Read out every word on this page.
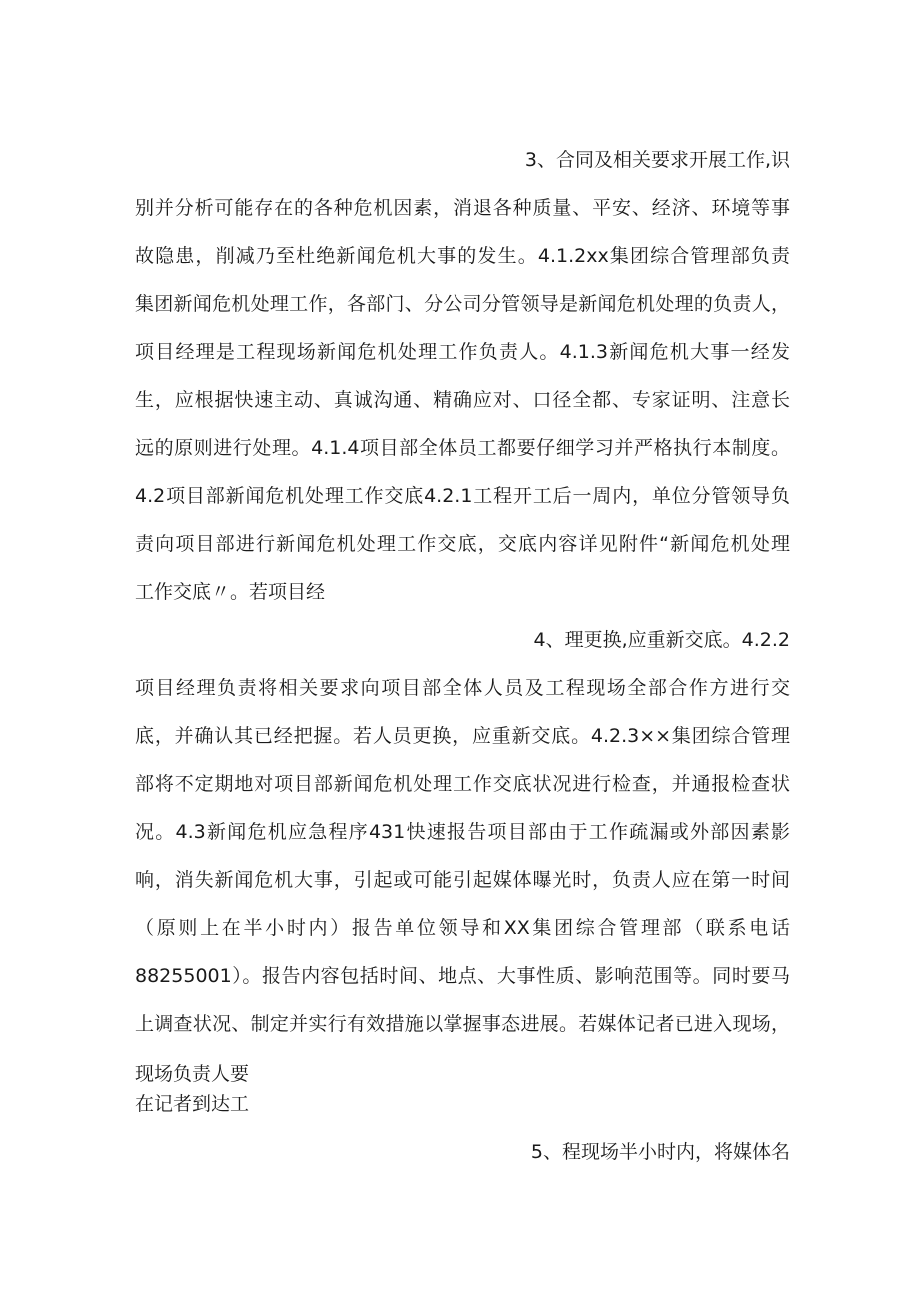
3、合同及相关要求开展工作,识
别并分析可能存在的各种危机因素，消退各种质量、平安、经济、环境等事
故隐患，削减乃至杜绝新闻危机大事的发生。4.1.2xx集团综合管理部负责
集团新闻危机处理工作，各部门、分公司分管领导是新闻危机处理的负责人，
项目经理是工程现场新闻危机处理工作负责人。4.1.3新闻危机大事一经发
生，应根据快速主动、真诚沟通、精确应对、口径全都、专家证明、注意长
远的原则进行处理。4.1.4项目部全体员工都要仔细学习并严格执行本制度。
4.2项目部新闻危机处理工作交底4.2.1工程开工后一周内，单位分管领导负
责向项目部进行新闻危机处理工作交底，交底内容详见附件“新闻危机处理
工作交底〃。若项目经
4、理更换,应重新交底。4.2.2
项目经理负责将相关要求向项目部全体人员及工程现场全部合作方进行交
底，并确认其已经把握。若人员更换，应重新交底。4.2.3××集团综合管理
部将不定期地对项目部新闻危机处理工作交底状况进行检查，并通报检查状
况。4.3新闻危机应急程序431快速报告项目部由于工作疏漏或外部因素影
响，消失新闻危机大事，引起或可能引起媒体曝光时，负责人应在第一时间
（原则上在半小时内）报告单位领导和XX集团综合管理部（联系电话
88255001）。报告内容包括时间、地点、大事性质、影响范围等。同时要马
上调查状况、制定并实行有效措施以掌握事态进展。若媒体记者已进入现场，
现场负责人要
在记者到达工
5、程现场半小时内，将媒体名
